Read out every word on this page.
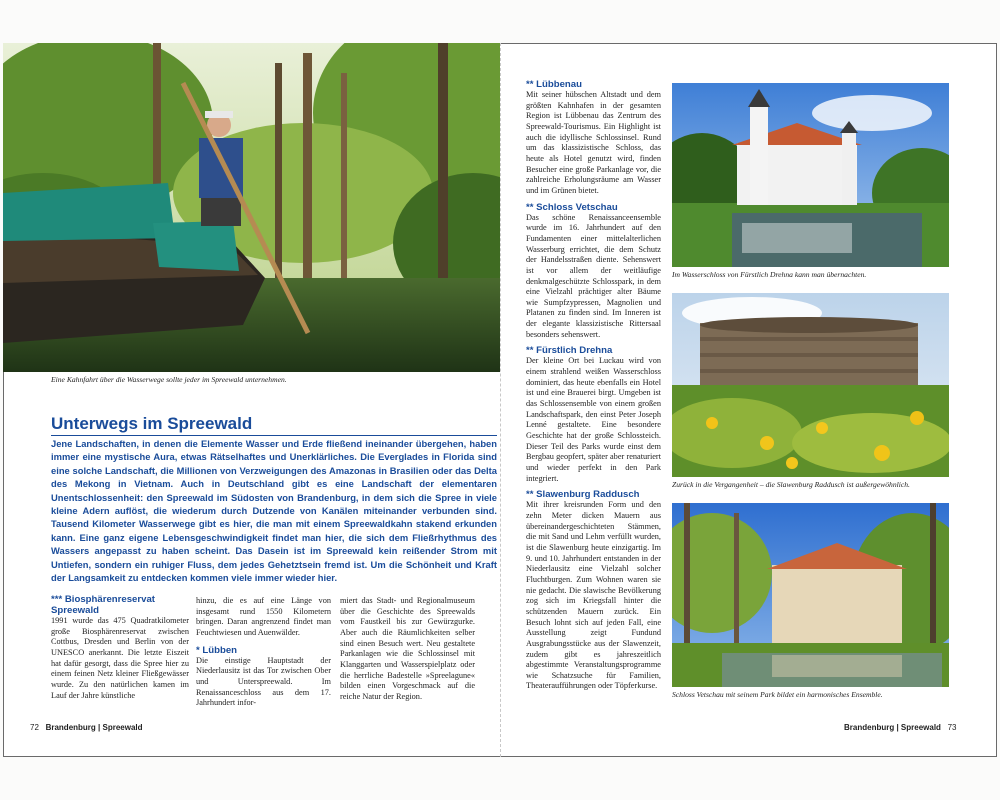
Eine Kahnfahrt über die Wasserwege sollte jeder im Spreewald unternehmen.
Unterwegs im Spreewald

Jene Landschaften, in denen die Elemente Wasser und Erde fließend ineinander übergehen, haben immer eine mystische Aura, etwas Rätselhaftes und Unerklärliches. Die Everglades in Florida sind eine solche Landschaft, die Millionen von Verzweigungen des Amazonas in Brasilien oder das Delta des Mekong in Vietnam. Auch in Deutschland gibt es eine Landschaft der elementaren Unentschlossenheit: den Spreewald im Südosten von Brandenburg, in dem sich die Spree in viele kleine Adern auflöst, die wiederum durch Dutzende von Kanälen miteinander verbunden sind. Tausend Kilometer Wasserwege gibt es hier, die man mit einem Spreewaldkahn stakend erkunden kann. Eine ganz eigene Lebensgeschwindigkeit findet man hier, die sich dem Fließrhythmus des Wassers angepasst zu haben scheint. Das Dasein ist im Spreewald kein reißender Strom mit Untiefen, sondern ein ruhiger Fluss, dem jedes Gehetztsein fremd ist. Um die Schönheit und Kraft der Langsamkeit zu entdecken kommen viele immer wieder hier.

*** Biosphärenreservat Spreewald

1991 wurde das 475 Quadratkilometer große Biosphärenreservat zwischen Cottbus, Dresden und Berlin von der UNESCO anerkannt. Die letzte Eiszeit hat dafür gesorgt, dass die Spree hier zu einem feinen Netz kleiner Fließgewässer wurde. Zu den natürlichen kamen im Lauf der Jahre künstliche

hinzu, die es auf eine Länge von insgesamt rund 1550 Kilometern bringen. Daran angrenzend findet man Feuchtwiesen und Auenwälder.

* Lübben

Die einstige Hauptstadt der Niederlausitz ist das Tor zwischen Ober und Unterspreewald. Im Renaissanceschloss aus dem 17. Jahrhundert infor-

miert das Stadt- und Regionalmuseum über die Geschichte des Spreewalds vom Faustkeil bis zur Gewürzgurke. Aber auch die Räumlichkeiten selber sind einen Besuch wert. Neu gestaltete Parkanlagen wie die Schlossinsel mit Klanggarten und Wasserspielplatz oder die herrliche Badestelle »Spreelagune« bilden einen Vorgeschmack auf die reiche Natur der Region.

72 Brandenburg | Spreewald

** Lübbenau

Mit seiner hübschen Altstadt und dem größten Kahnhafen in der gesamten Region ist Lübbenau das Zentrum des Spreewald-Tourismus. Ein Highlight ist auch die idyllische Schlossinsel. Rund um das klassizistische Schloss, das heute als Hotel genutzt wird, finden Besucher eine große Parkanlage vor, die zahlreiche Erholungsräume am Wasser und im Grünen bietet.

** Schloss Vetschau

Das schöne Renaissanceensemble wurde im 16. Jahrhundert auf den Fundamenten einer mittelalterlichen Wasserburg errichtet, die dem Schutz der Handelsstraßen diente. Sehenswert ist vor allem der weitläufige denkmalgeschützte Schlosspark, in dem eine Vielzahl prächtiger alter Bäume wie Sumpfzypressen, Magnolien und Platanen zu finden sind. Im Inneren ist der elegante klassizistische Rittersaal besonders sehenswert.

** Fürstlich Drehna

Der kleine Ort bei Luckau wird von einem strahlend weißen Wasserschloss dominiert, das heute ebenfalls ein Hotel ist und eine Brauerei birgt. Umgeben ist das Schlossensemble von einem großen Landschaftspark, den einst Peter Joseph Lenné gestaltete. Eine besondere Geschichte hat der große Schlossteich. Dieser Teil des Parks wurde einst dem Bergbau geopfert, später aber renaturiert und wieder perfekt in den Park integriert.

** Slawenburg Raddusch

Mit ihrer kreisrunden Form und den zehn Meter dicken Mauern aus übereinandergeschichteten Stämmen, die mit Sand und Lehm verfüllt wurden, ist die Slawenburg heute einzigartig. Im 9. und 10. Jahrhundert entstanden in der Niederlausitz eine Vielzahl solcher Fluchtburgen. Zum Wohnen waren sie nie gedacht. Die slawische Bevölkerung zog sich im Kriegsfall hinter die schützenden Mauern zurück. Ein Besuch lohnt sich auf jeden Fall, eine Ausstellung zeigt Fundund Ausgrabungsstücke aus der Slawenzeit, zudem gibt es jahreszeitlich abgestimmte Veranstaltungsprogramme wie Schatzsuche für Familien, Theateraufführungen oder Töpferkurse.

Im Wasserschloss von Fürstlich Drehna kann man übernachten.
Zurück in die Vergangenheit – die Slawenburg Raddusch ist außergewöhnlich.
Schloss Vetschau mit seinem Park bildet ein harmonisches Ensemble.
Brandenburg | Spreewald 73
